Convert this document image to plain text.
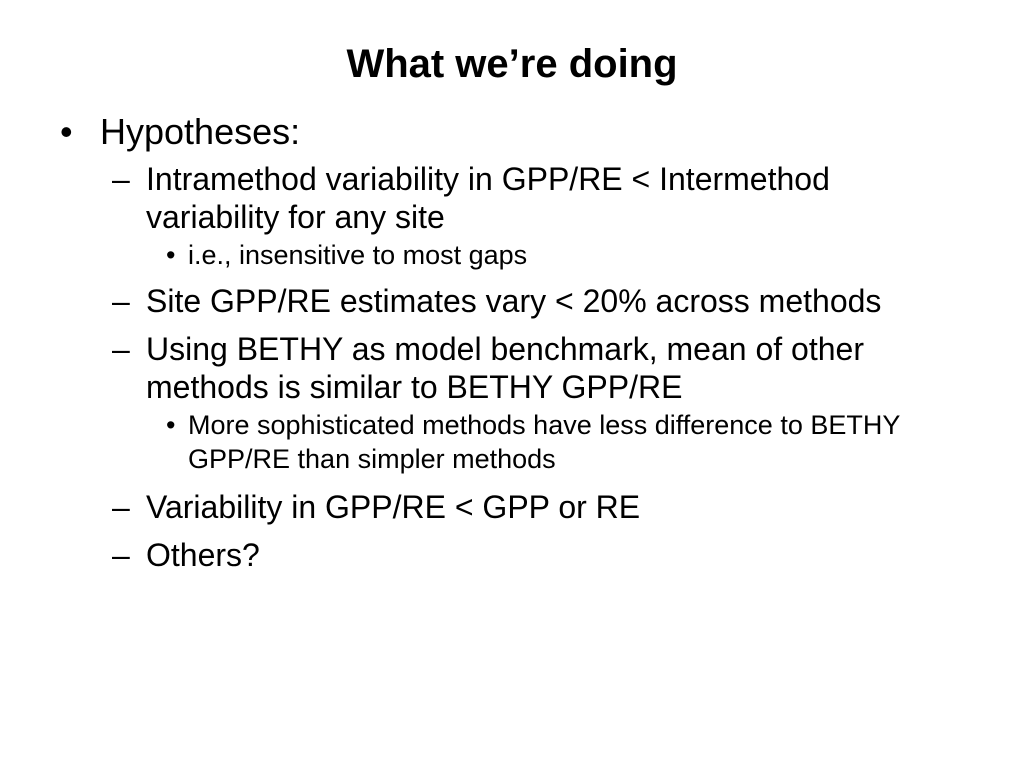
What we’re doing
• Hypotheses:
– Intramethod variability in GPP/RE < Intermethod variability for any site
• i.e., insensitive to most gaps
– Site GPP/RE estimates vary < 20% across methods
– Using BETHY as model benchmark, mean of other methods is similar to BETHY GPP/RE
• More sophisticated methods have less difference to BETHY GPP/RE than simpler methods
– Variability in GPP/RE < GPP or RE
– Others?
